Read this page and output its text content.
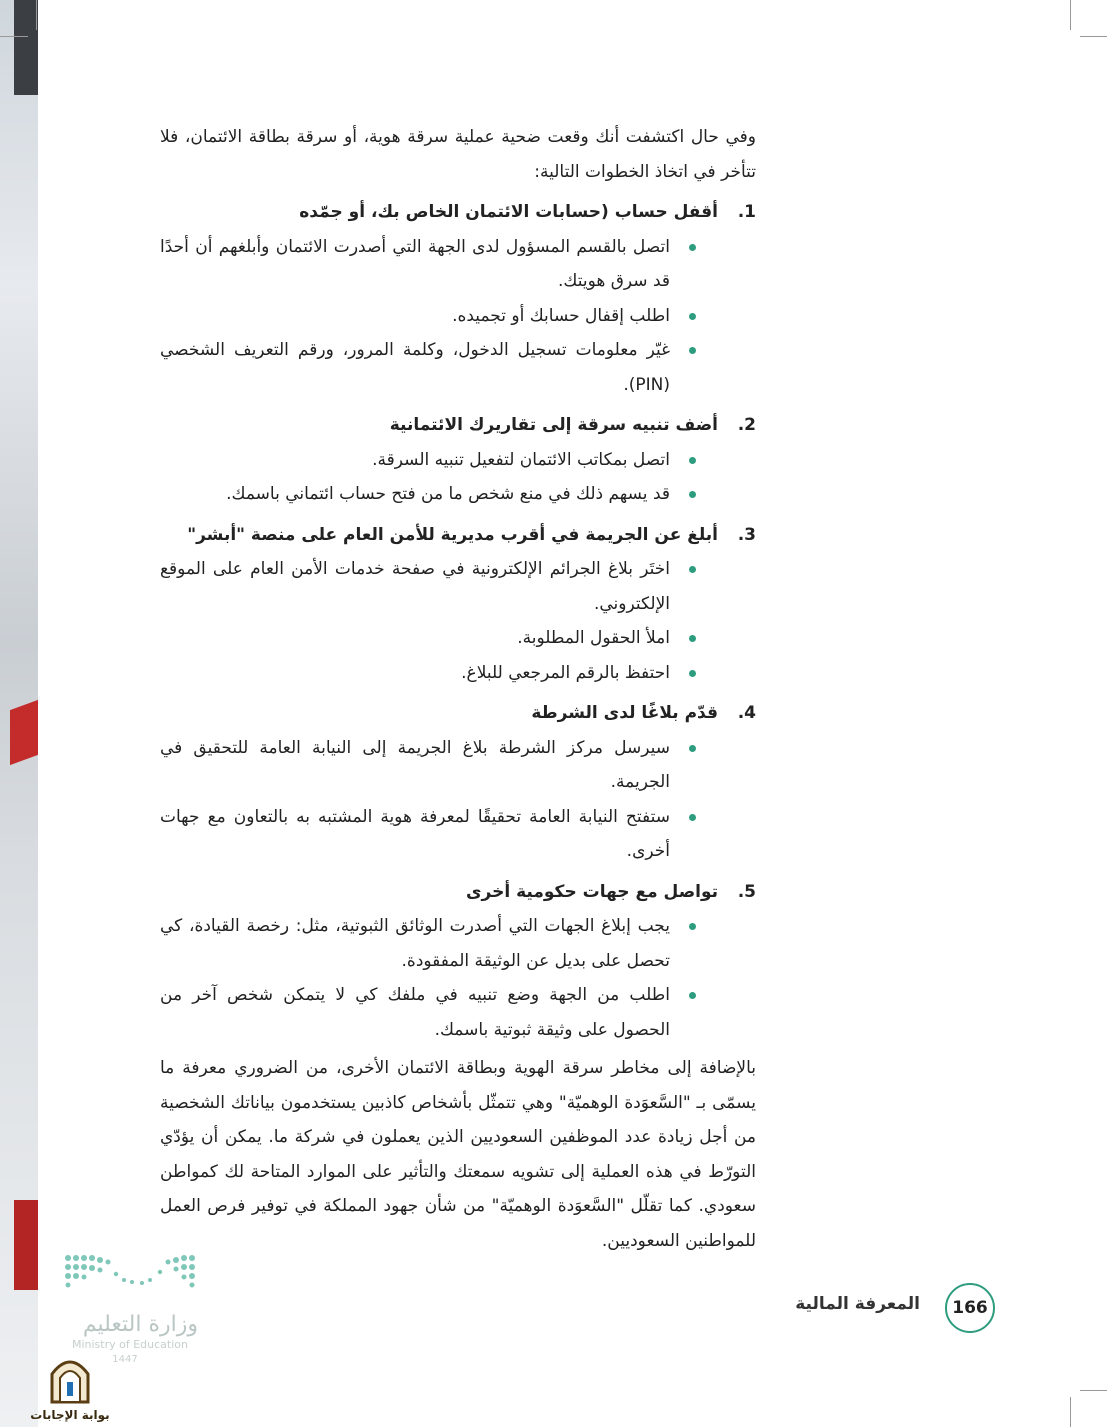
وفي حال اكتشفت أنك وقعت ضحية عملية سرقة هوية، أو سرقة بطاقة الائتمان، فلا تتأخر في اتخاذ الخطوات التالية:

1.
أقفل حساب (حسابات الائتمان الخاص بك، أو جمّده
اتصل بالقسم المسؤول لدى الجهة التي أصدرت الائتمان وأبلغهم أن أحدًا قد سرق هويتك.
اطلب إقفال حسابك أو تجميده.
غيّر معلومات تسجيل الدخول، وكلمة المرور، ورقم التعريف الشخصي (PIN).
2.
أضف تنبيه سرقة إلى تقاريرك الائتمانية
اتصل بمكاتب الائتمان لتفعيل تنبيه السرقة.
قد يسهم ذلك في منع شخص ما من فتح حساب ائتماني باسمك.
3.
أبلغ عن الجريمة في أقرب مديرية للأمن العام على منصة "أبشر"
اختَر بلاغ الجرائم الإلكترونية في صفحة خدمات الأمن العام على الموقع الإلكتروني.
املأ الحقول المطلوبة.
احتفظ بالرقم المرجعي للبلاغ.
4.
قدّم بلاغًا لدى الشرطة
سيرسل مركز الشرطة بلاغ الجريمة إلى النيابة العامة للتحقيق في الجريمة.
ستفتح النيابة العامة تحقيقًا لمعرفة هوية المشتبه به بالتعاون مع جهات أخرى.
5.
تواصل مع جهات حكومية أخرى
يجب إبلاغ الجهات التي أصدرت الوثائق الثبوتية، مثل: رخصة القيادة، كي تحصل على بديل عن الوثيقة المفقودة.
اطلب من الجهة وضع تنبيه في ملفك كي لا يتمكن شخص آخر من الحصول على وثيقة ثبوتية باسمك.

بالإضافة إلى مخاطر سرقة الهوية وبطاقة الائتمان الأخرى، من الضروري معرفة ما يسمّى بـ "السَّعوَدة الوهميّة" وهي تتمثّل بأشخاص كاذبين يستخدمون بياناتك الشخصية من أجل زيادة عدد الموظفين السعوديين الذين يعملون في شركة ما. يمكن أن يؤدّي التورّط في هذه العملية إلى تشويه سمعتك والتأثير على الموارد المتاحة لك كمواطن سعودي. كما تقلّل "السَّعوَدة الوهميّة" من شأن جهود المملكة في توفير فرص العمل للمواطنين السعوديين.

166
المعرفة المالية
وزارة التعليم
Ministry of Education
1447
بوابة الإجابات
